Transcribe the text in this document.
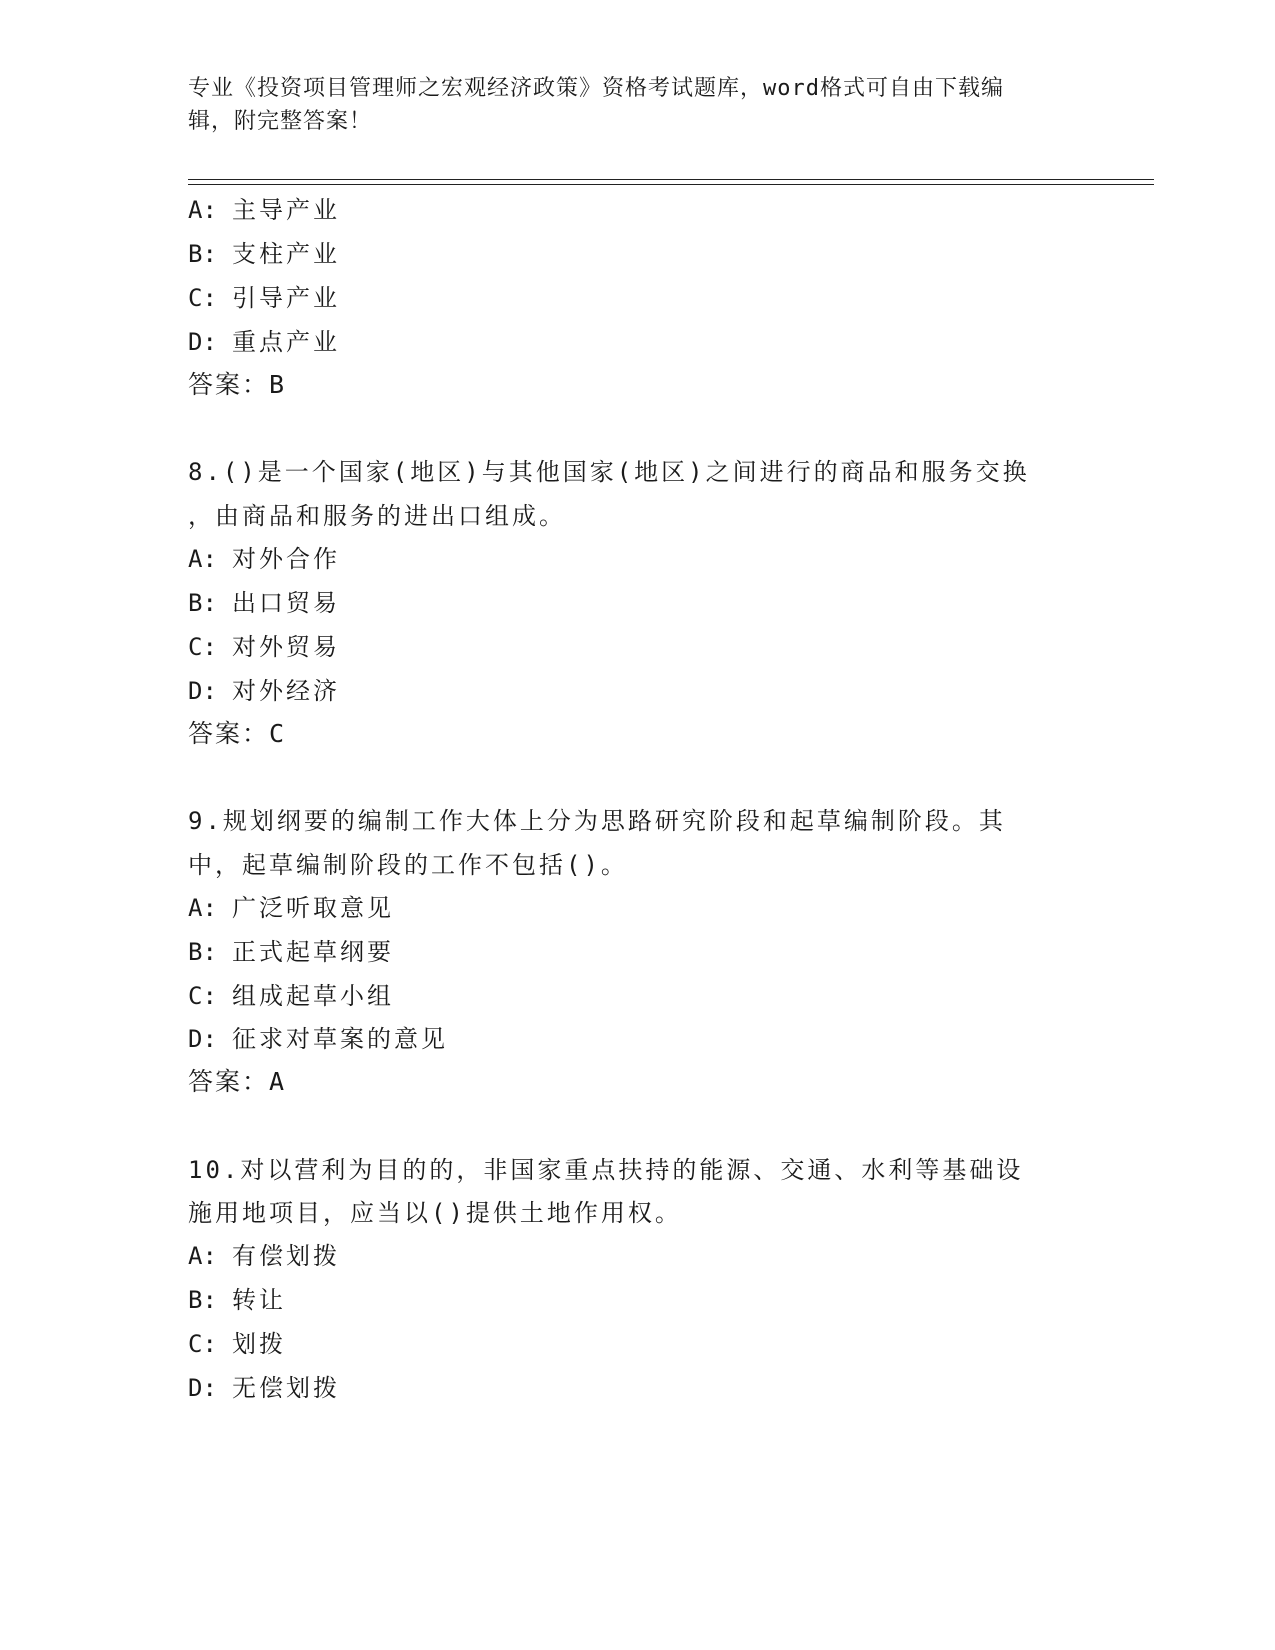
专业《投资项目管理师之宏观经济政策》资格考试题库，word格式可自由下载编
辑，附完整答案！
A: 主导产业
B: 支柱产业
C: 引导产业
D: 重点产业
答案：B
8.()是一个国家(地区)与其他国家(地区)之间进行的商品和服务交换
，由商品和服务的进出口组成。
A: 对外合作
B: 出口贸易
C: 对外贸易
D: 对外经济
答案：C
9.规划纲要的编制工作大体上分为思路研究阶段和起草编制阶段。其
中，起草编制阶段的工作不包括()。
A: 广泛听取意见
B: 正式起草纲要
C: 组成起草小组
D: 征求对草案的意见
答案：A
10.对以营利为目的的，非国家重点扶持的能源、交通、水利等基础设
施用地项目，应当以()提供土地作用权。
A: 有偿划拨
B: 转让
C: 划拨
D: 无偿划拨
